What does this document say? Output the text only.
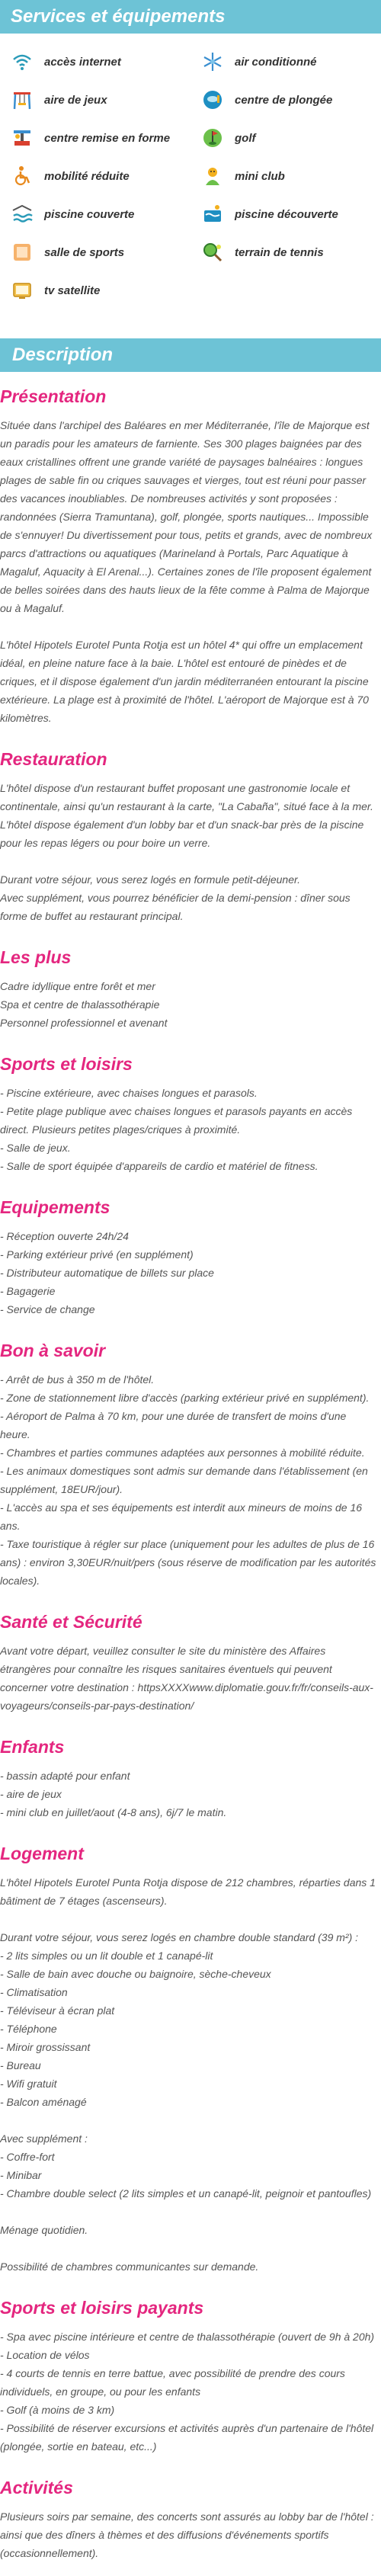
Services et équipements
accès internet	air conditionné
aire de jeux	centre de plongée
centre remise en forme	golf
mobilité réduite	mini club
piscine couverte	piscine découverte
salle de sports	terrain de tennis
tv satellite
Description
Présentation

Située dans l'archipel des Baléares en mer Méditerranée, l'île de Majorque est un paradis pour les amateurs de farniente. Ses 300 plages baignées par des eaux cristallines offrent une grande variété de paysages balnéaires : longues plages de sable fin ou criques sauvages et vierges, tout est réuni pour passer des vacances inoubliables. De nombreuses activités y sont proposées : randonnées (Sierra Tramuntana), golf, plongée, sports nautiques... Impossible de s'ennuyer! Du divertissement pour tous, petits et grands, avec de nombreux parcs d'attractions ou aquatiques (Marineland à Portals, Parc Aquatique à Magaluf, Aquacity à El Arenal...). Certaines zones de l'île proposent également de belles soirées dans des hauts lieux de la fête comme à Palma de Majorque ou à Magaluf.

L'hôtel Hipotels Eurotel Punta Rotja est un hôtel 4* qui offre un emplacement idéal, en pleine nature face à la baie. L'hôtel est entouré de pinèdes et de criques, et il dispose également d'un jardin méditerranéen entourant la piscine extérieure. La plage est à proximité de l'hôtel. L'aéroport de Majorque est à 70 kilomètres.

Restauration

L'hôtel dispose d'un restaurant buffet proposant une gastronomie locale et continentale, ainsi qu'un restaurant à la carte, "La Cabaña", situé face à la mer. L'hôtel dispose également d'un lobby bar et d'un snack-bar près de la piscine pour les repas légers ou pour boire un verre.

Durant votre séjour, vous serez logés en formule petit-déjeuner.
Avec supplément, vous pourrez bénéficier de la demi-pension : dîner sous forme de buffet au restaurant principal.

Les plus

Cadre idyllique entre forêt et mer
Spa et centre de thalassothérapie
Personnel professionnel et avenant

Sports et loisirs

- Piscine extérieure, avec chaises longues et parasols.
- Petite plage publique avec chaises longues et parasols payants en accès direct. Plusieurs petites plages/criques à proximité.
- Salle de jeux.
- Salle de sport équipée d'appareils de cardio et matériel de fitness.

Equipements

- Réception ouverte 24h/24
- Parking extérieur privé (en supplément)
- Distributeur automatique de billets sur place
- Bagagerie
- Service de change

Bon à savoir

- Arrêt de bus à 350 m de l'hôtel.
- Zone de stationnement libre d'accès (parking extérieur privé en supplément).
- Aéroport de Palma à 70 km, pour une durée de transfert de moins d'une heure.
- Chambres et parties communes adaptées aux personnes à mobilité réduite.
- Les animaux domestiques sont admis sur demande dans l'établissement (en supplément, 18EUR/jour).
- L'accès au spa et ses équipements est interdit aux mineurs de moins de 16 ans.
- Taxe touristique à régler sur place (uniquement pour les adultes de plus de 16 ans) : environ 3,30EUR/nuit/pers (sous réserve de modification par les autorités locales).

Santé et Sécurité

Avant votre départ, veuillez consulter le site du ministère des Affaires étrangères pour connaître les risques sanitaires éventuels qui peuvent concerner votre destination : httpsXXXXwww.diplomatie.gouv.fr/fr/conseils-aux-voyageurs/conseils-par-pays-destination/

Enfants

- bassin adapté pour enfant
- aire de jeux
- mini club en juillet/aout (4-8 ans), 6j/7 le matin.

Logement

L'hôtel Hipotels Eurotel Punta Rotja dispose de 212 chambres, réparties dans 1 bâtiment de 7 étages (ascenseurs).

Durant votre séjour, vous serez logés en chambre double standard (39 m²) :
- 2 lits simples ou un lit double et 1 canapé-lit
- Salle de bain avec douche ou baignoire, sèche-cheveux
- Climatisation
- Téléviseur à écran plat
- Téléphone
- Miroir grossissant
- Bureau
- Wifi gratuit
- Balcon aménagé

Avec supplément :
- Coffre-fort
- Minibar
- Chambre double select (2 lits simples et un canapé-lit, peignoir et pantoufles)

Ménage quotidien.

Possibilité de chambres communicantes sur demande.

Sports et loisirs payants

- Spa avec piscine intérieure et centre de thalassothérapie (ouvert de 9h à 20h)
- Location de vélos
- 4 courts de tennis en terre battue, avec possibilité de prendre des cours individuels, en groupe, ou pour les enfants
- Golf (à moins de 3 km)
- Possibilité de réserver excursions et activités auprès d'un partenaire de l'hôtel (plongée, sortie en bateau, etc...)

Activités

Plusieurs soirs par semaine, des concerts sont assurés au lobby bar de l'hôtel : ainsi que des dîners à thèmes et des diffusions d'événements sportifs (occasionnellement).
